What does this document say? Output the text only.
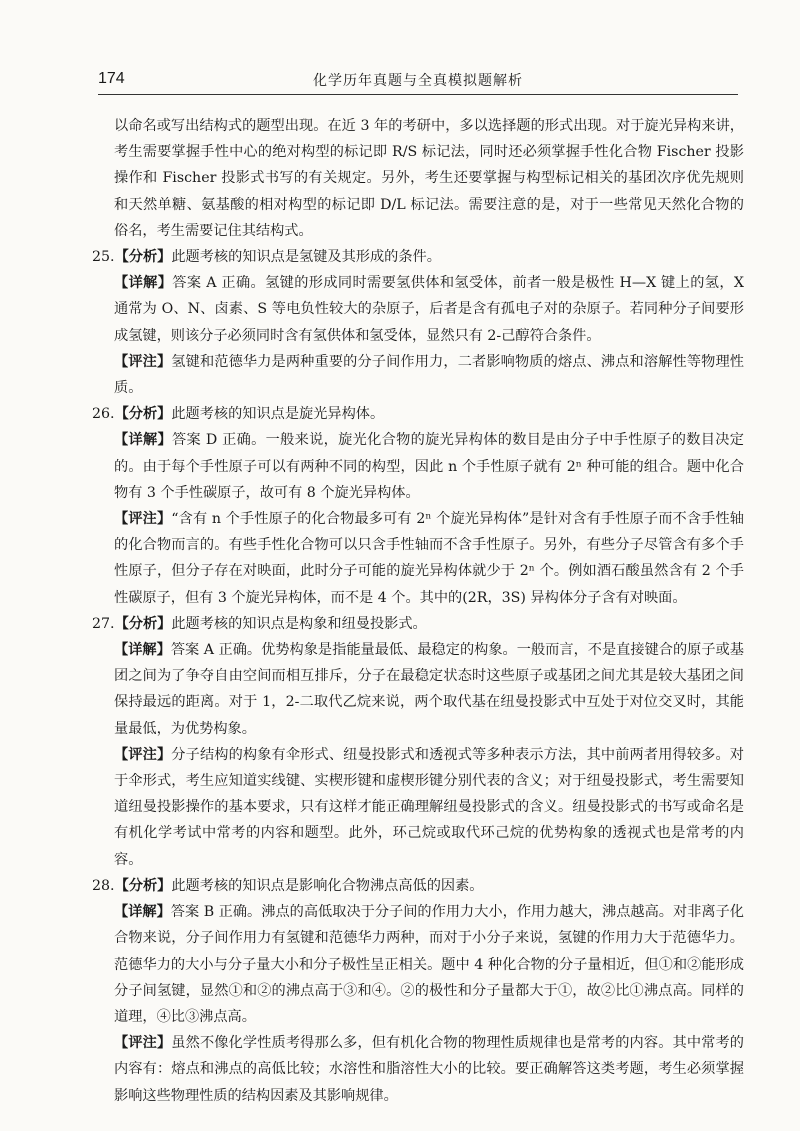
174	化学历年真题与全真模拟题解析

以命名或写出结构式的题型出现。在近 3 年的考研中，多以选择题的形式出现。对于旋光异构来讲，考生需要掌握手性中心的绝对构型的标记即 R/S 标记法，同时还必须掌握手性化合物 Fischer 投影操作和 Fischer 投影式书写的有关规定。另外，考生还要掌握与构型标记相关的基团次序优先规则和天然单糖、氨基酸的相对构型的标记即 D/L 标记法。需要注意的是，对于一些常见天然化合物的俗名，考生需要记住其结构式。

25.【分析】此题考核的知识点是氢键及其形成的条件。

【详解】答案 A 正确。氢键的形成同时需要氢供体和氢受体，前者一般是极性 H—X 键上的氢，X 通常为 O、N、卤素、S 等电负性较大的杂原子，后者是含有孤电子对的杂原子。若同种分子间要形成氢键，则该分子必须同时含有氢供体和氢受体，显然只有 2-己醇符合条件。

【评注】氢键和范德华力是两种重要的分子间作用力，二者影响物质的熔点、沸点和溶解性等物理性质。

26.【分析】此题考核的知识点是旋光异构体。

【详解】答案 D 正确。一般来说，旋光化合物的旋光异构体的数目是由分子中手性原子的数目决定的。由于每个手性原子可以有两种不同的构型，因此 n 个手性原子就有 2ⁿ 种可能的组合。题中化合物有 3 个手性碳原子，故可有 8 个旋光异构体。

【评注】“含有 n 个手性原子的化合物最多可有 2ⁿ 个旋光异构体”是针对含有手性原子而不含手性轴的化合物而言的。有些手性化合物可以只含手性轴而不含手性原子。另外，有些分子尽管含有多个手性原子，但分子存在对映面，此时分子可能的旋光异构体就少于 2ⁿ 个。例如酒石酸虽然含有 2 个手性碳原子，但有 3 个旋光异构体，而不是 4 个。其中的(2R，3S) 异构体分子含有对映面。

27.【分析】此题考核的知识点是构象和纽曼投影式。

【详解】答案 A 正确。优势构象是指能量最低、最稳定的构象。一般而言，不是直接键合的原子或基团之间为了争夺自由空间而相互排斥，分子在最稳定状态时这些原子或基团之间尤其是较大基团之间保持最远的距离。对于 1，2-二取代乙烷来说，两个取代基在纽曼投影式中互处于对位交叉时，其能量最低，为优势构象。

【评注】分子结构的构象有伞形式、纽曼投影式和透视式等多种表示方法，其中前两者用得较多。对于伞形式，考生应知道实线键、实楔形键和虚楔形键分别代表的含义；对于纽曼投影式，考生需要知道纽曼投影操作的基本要求，只有这样才能正确理解纽曼投影式的含义。纽曼投影式的书写或命名是有机化学考试中常考的内容和题型。此外，环己烷或取代环己烷的优势构象的透视式也是常考的内容。

28.【分析】此题考核的知识点是影响化合物沸点高低的因素。

【详解】答案 B 正确。沸点的高低取决于分子间的作用力大小，作用力越大，沸点越高。对非离子化合物来说，分子间作用力有氢键和范德华力两种，而对于小分子来说，氢键的作用力大于范德华力。范德华力的大小与分子量大小和分子极性呈正相关。题中 4 种化合物的分子量相近，但①和②能形成分子间氢键，显然①和②的沸点高于③和④。②的极性和分子量都大于①，故②比①沸点高。同样的道理，④比③沸点高。

【评注】虽然不像化学性质考得那么多，但有机化合物的物理性质规律也是常考的内容。其中常考的内容有：熔点和沸点的高低比较；水溶性和脂溶性大小的比较。要正确解答这类考题，考生必须掌握影响这些物理性质的结构因素及其影响规律。
